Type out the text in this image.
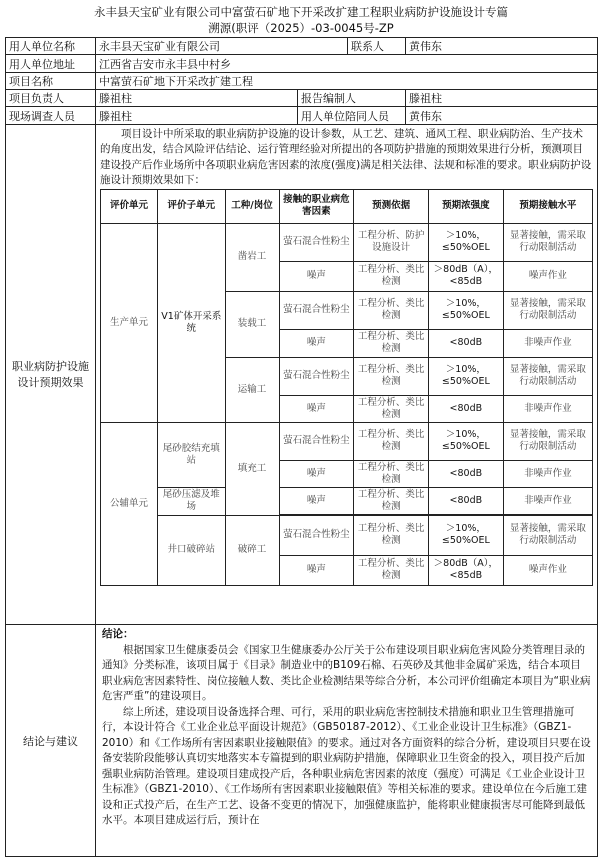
永丰县天宝矿业有限公司中富萤石矿地下开采改扩建工程职业病防护设施设计专篇
溯源(职评（2025）-03-0045号-ZP
用人单位名称	永丰县天宝矿业有限公司	联系人	黄伟东
用人单位地址	江西省吉安市永丰县中村乡
项目名称	中富萤石矿地下开采改扩建工程
项目负责人	滕祖柱	报告编制人	滕祖柱
现场调查人员	滕祖柱	用人单位陪同人员	黄伟东
职业病防护设施设计预期效果	
项目设计中所采取的职业病防护设施的设计参数，从工艺、建筑、通风工程、职业病防治、生产技术的角度出发，结合风险评估结论、运行管理经验对所提出的各项防护措施的预期效果进行分析，预测项目建设投产后作业场所中各项职业病危害因素的浓度(强度)满足相关法律、法规和标准的要求。职业病防护设施设计预期效果如下：
评价单元	评价子单元	工种/岗位	接触的职业病危害因素	预测依据	预期浓强度	预期接触水平
生产单元	V1矿体开采系统	凿岩工	萤石混合性粉尘	工程分析、防护设施设计	＞10%，≤50%OEL	显著接触，需采取行动限制活动
噪声	工程分析、类比检测	＞80dB（A），<85dB	噪声作业
装载工	萤石混合性粉尘	工程分析、类比检测	＞10%，≤50%OEL	显著接触，需采取行动限制活动
噪声	工程分析、类比检测	<80dB	非噪声作业
运输工	萤石混合性粉尘	工程分析、类比检测	＞10%，≤50%OEL	显著接触，需采取行动限制活动
噪声	工程分析、类比检测	<80dB	非噪声作业
公辅单元	尾砂胶结充填站	填充工	萤石混合性粉尘	工程分析、类比检测	＞10%，≤50%OEL	显著接触，需采取行动限制活动
噪声	工程分析、类比检测	<80dB	非噪声作业
尾砂压滤及堆场	噪声	工程分析、类比检测	<80dB	非噪声作业

井口破碎站	破碎工	萤石混合性粉尘	工程分析、类比检测	＞10%，≤50%OEL	显著接触，需采取行动限制活动
噪声	工程分析、类比检测	＞80dB（A），<85dB	噪声作业

结论与建议	
结论：
根据国家卫生健康委员会《国家卫生健康委办公厅关于公布建设项目职业病危害风险分类管理目录的通知》分类标准，该项目属于《目录》制造业中的B109石棉、石英砂及其他非金属矿采选，结合本项目职业病危害因素特性、岗位接触人数、类比企业检测结果等综合分析，本公司评价组确定本项目为“职业病危害严重”的建设项目。
综上所述，建设项目设备选择合理、可行，采用的职业病危害控制技术措施和职业卫生管理措施可行，本设计符合《工业企业总平面设计规范》（GB50187-2012）、《工业企业设计卫生标准》（GBZ1-2010）和《工作场所有害因素职业接触限值》的要求。通过对各方面资料的综合分析，建设项目只要在设备安装阶段能够认真切实地落实本专篇提到的职业病防护措施，保障职业卫生资金的投入，项目投产后加强职业病防治管理。建设项目建成投产后，各种职业病危害因素的浓度（强度）可满足《工业企业设计卫生标准》（GBZ1-2010）、《工作场所有害因素职业接触限值》等相关标准的要求。建设单位在今后施工建设和正式投产后，在生产工艺、设备不变更的情况下，加强健康监护，能将职业健康损害尽可能降到最低水平。本项目建成运行后，预计在
